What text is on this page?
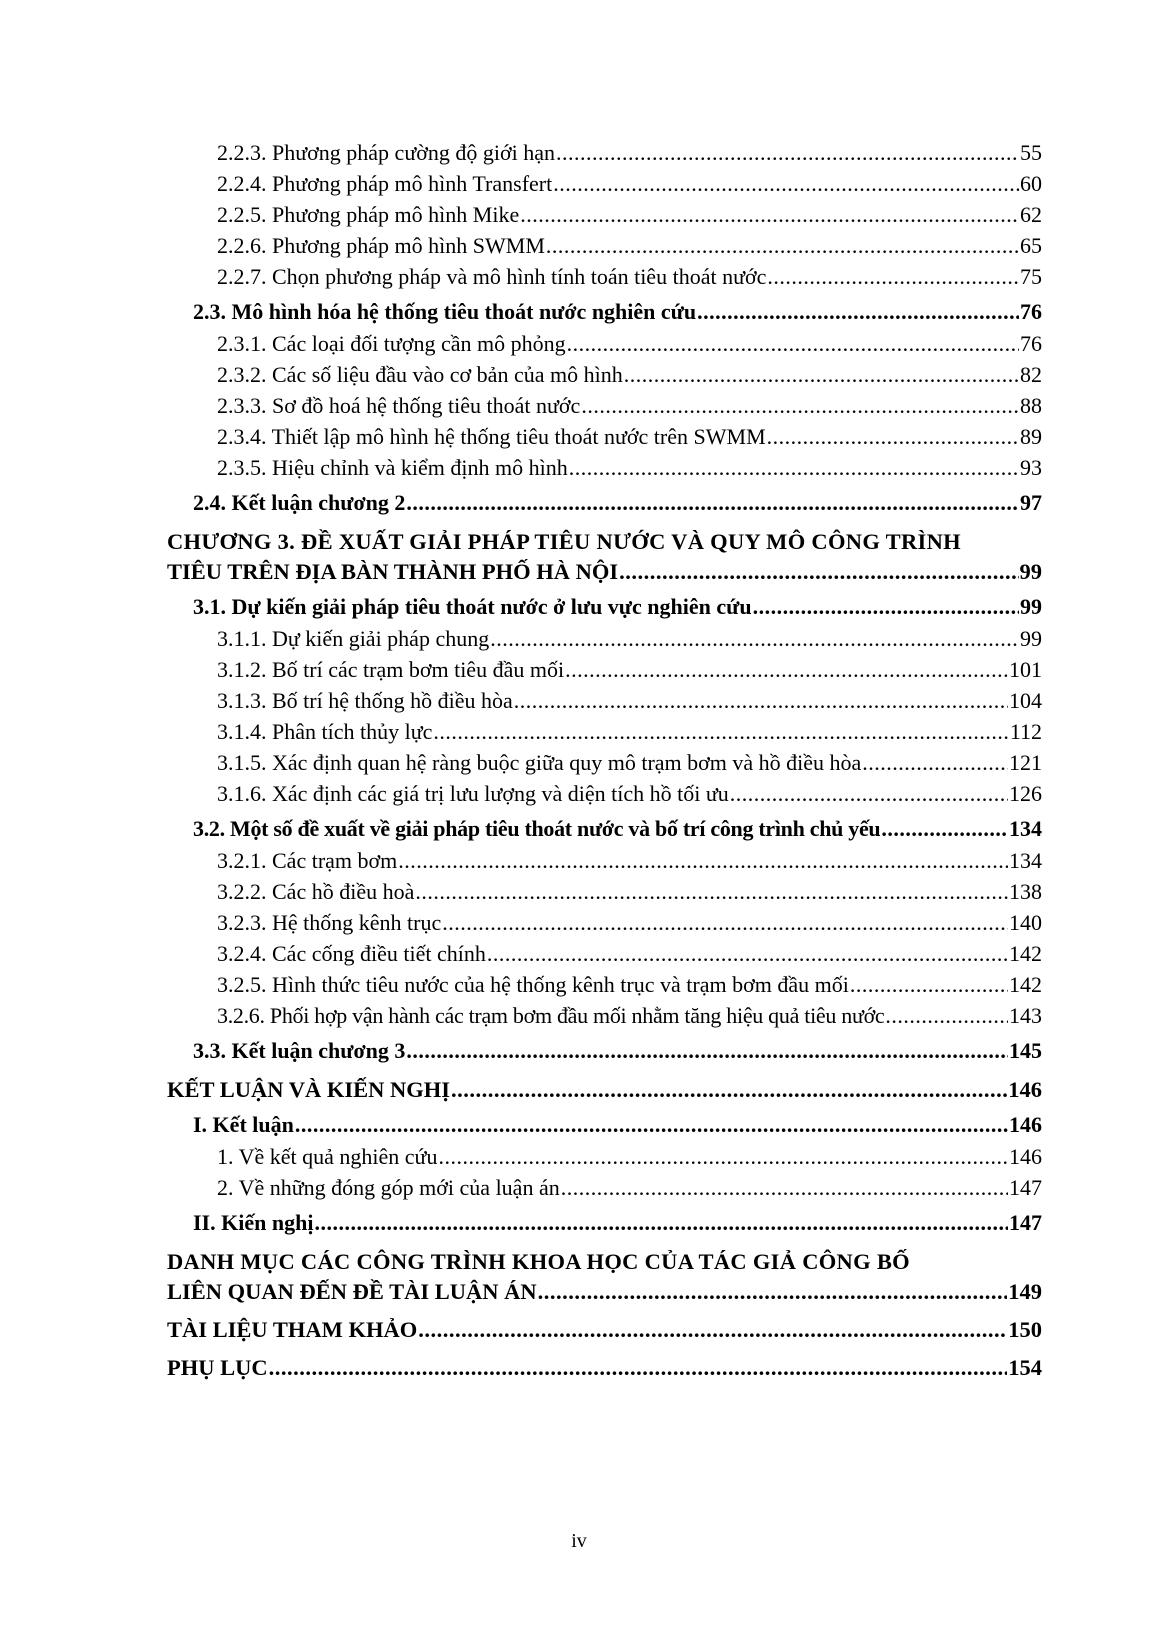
2.2.3. Phương pháp cường độ giới hạn .....	55
2.2.4. Phương pháp mô hình Transfert .....	60
2.2.5. Phương pháp mô hình Mike .....	62
2.2.6. Phương pháp mô hình SWMM .....	65
2.2.7. Chọn phương pháp và mô hình tính toán tiêu thoát nước .....	75
2.3. Mô hình hóa hệ thống tiêu thoát nước nghiên cứu .....	76
2.3.1. Các loại đối tượng cần mô phỏng .....	76
2.3.2. Các số liệu đầu vào cơ bản của mô hình .....	82
2.3.3. Sơ đồ hoá hệ thống tiêu thoát nước .....	88
2.3.4. Thiết lập mô hình hệ thống tiêu thoát nước trên SWMM .....	89
2.3.5. Hiệu chỉnh và kiểm định mô hình .....	93
2.4. Kết luận chương 2 .....	97
CHƯƠNG 3. ĐỀ XUẤT GIẢI PHÁP TIÊU NƯỚC VÀ QUY MÔ CÔNG TRÌNH
TIÊU TRÊN ĐỊA BÀN THÀNH PHỐ HÀ NỘI .....	99
3.1. Dự kiến giải pháp tiêu thoát nước ở lưu vực nghiên cứu .....	99
3.1.1. Dự kiến giải pháp chung .....	99
3.1.2. Bố trí các trạm bơm tiêu đầu mối .....	101
3.1.3. Bố trí hệ thống hồ điều hòa .....	104
3.1.4. Phân tích thủy lực .....	112
3.1.5. Xác định quan hệ ràng buộc giữa quy mô trạm bơm và hồ điều hòa .....	121
3.1.6. Xác định các giá trị lưu lượng và diện tích hồ tối ưu .....	126
3.2. Một số đề xuất về giải pháp tiêu thoát nước và bố trí công trình chủ yếu .....	134
3.2.1. Các trạm bơm .....	134
3.2.2. Các hồ điều hoà .....	138
3.2.3. Hệ thống kênh trục .....	140
3.2.4. Các cống điều tiết chính .....	142
3.2.5. Hình thức tiêu nước của hệ thống kênh trục và trạm bơm đầu mối .....	142
3.2.6. Phối hợp vận hành các trạm bơm đầu mối nhằm tăng hiệu quả tiêu nước .....	143
3.3. Kết luận chương 3 .....	145
KẾT LUẬN VÀ KIẾN NGHỊ .....	146
I. Kết luận .....	146
1. Về kết quả nghiên cứu .....	146
2. Về những đóng góp mới của luận án .....	147
II. Kiến nghị .....	147
DANH MỤC CÁC CÔNG TRÌNH KHOA HỌC CỦA TÁC GIẢ CÔNG BỐ
LIÊN QUAN ĐẾN ĐỀ TÀI LUẬN ÁN .....	149
TÀI LIỆU THAM KHẢO .....	150
PHỤ LỤC .....	154
iv
